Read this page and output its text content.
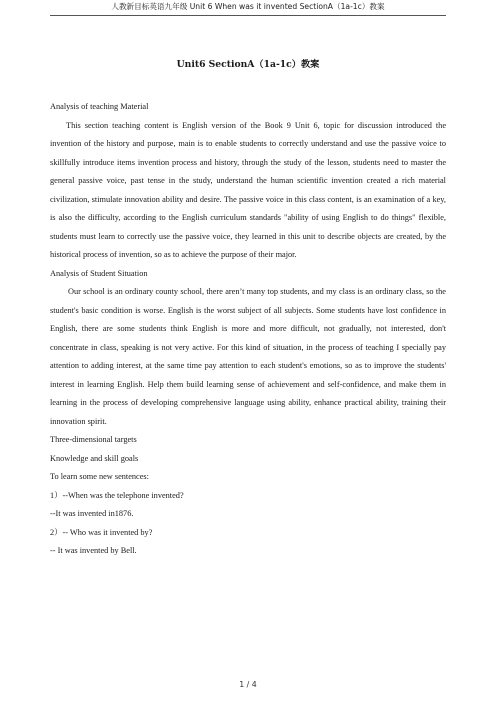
人教新目标英语九年级 Unit 6 When was it invented SectionA（1a-1c）教案
Unit6 SectionA（1a-1c）教案

Analysis of teaching Material

This section teaching content is English version of the Book 9 Unit 6, topic for discussion introduced the invention of the history and purpose, main is to enable students to correctly understand and use the passive voice to skillfully introduce items invention process and history, through the study of the lesson, students need to master the general passive voice, past tense in the study, understand the human scientific invention created a rich material civilization, stimulate innovation ability and desire. The passive voice in this class content, is an examination of a key, is also the difficulty, according to the English curriculum standards "ability of using English to do things" flexible, students must learn to correctly use the passive voice, they learned in this unit to describe objects are created, by the historical process of invention, so as to achieve the purpose of their major.

Analysis of Student Situation

Our school is an ordinary county school, there aren’t many top students, and my class is an ordinary class, so the student's basic condition is worse. English is the worst subject of all subjects. Some students have lost confidence in English, there are some students think English is more and more difficult, not gradually, not interested, don't concentrate in class, speaking is not very active. For this kind of situation, in the process of teaching I specially pay attention to adding interest, at the same time pay attention to each student's emotions, so as to improve the students' interest in learning English. Help them build learning sense of achievement and self-confidence, and make them in learning in the process of developing comprehensive language using ability, enhance practical ability, training their innovation spirit.

Three-dimensional targets

Knowledge and skill goals

To learn some new sentences:

1）--When was the telephone invented?

--It was invented in1876.

2）-- Who was it invented by?

-- It was invented by Bell.

1 / 4
